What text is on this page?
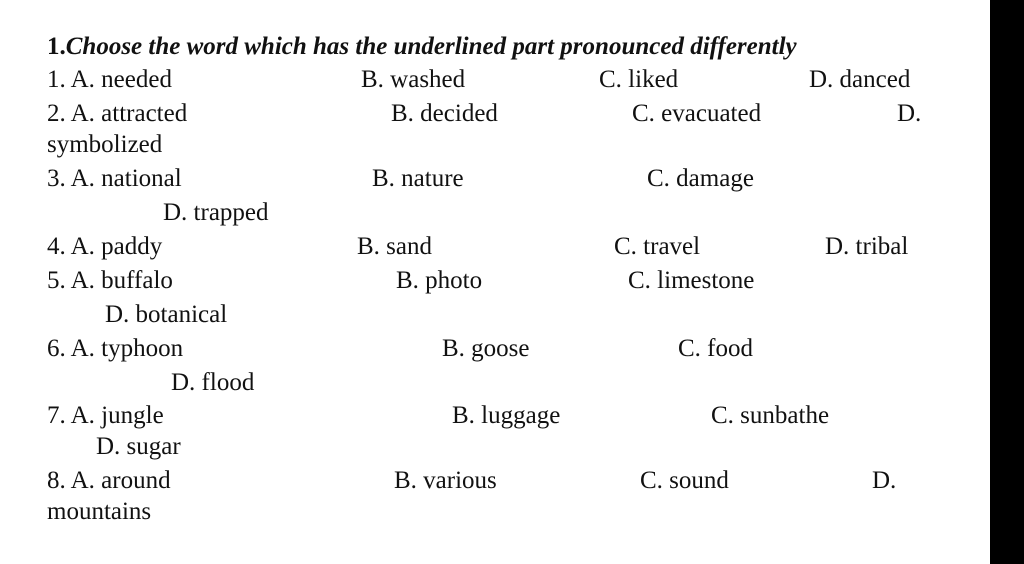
1.Choose the word which has the underlined part pronounced differently
1. A. needed	B. washed	C. liked	D. danced
2. A. attracted	B. decided	C. evacuated	D.
symbolized
3. A. national	B. nature	C. damage
D. trapped
4. A. paddy	B. sand	C. travel	D. tribal
5. A. buffalo	B. photo	C. limestone
D. botanical
6. A. typhoon	B. goose	C. food
D. flood
7. A. jungle	B. luggage	C. sunbathe
D. sugar
8. A. around	B. various	C. sound	D.
mountains
